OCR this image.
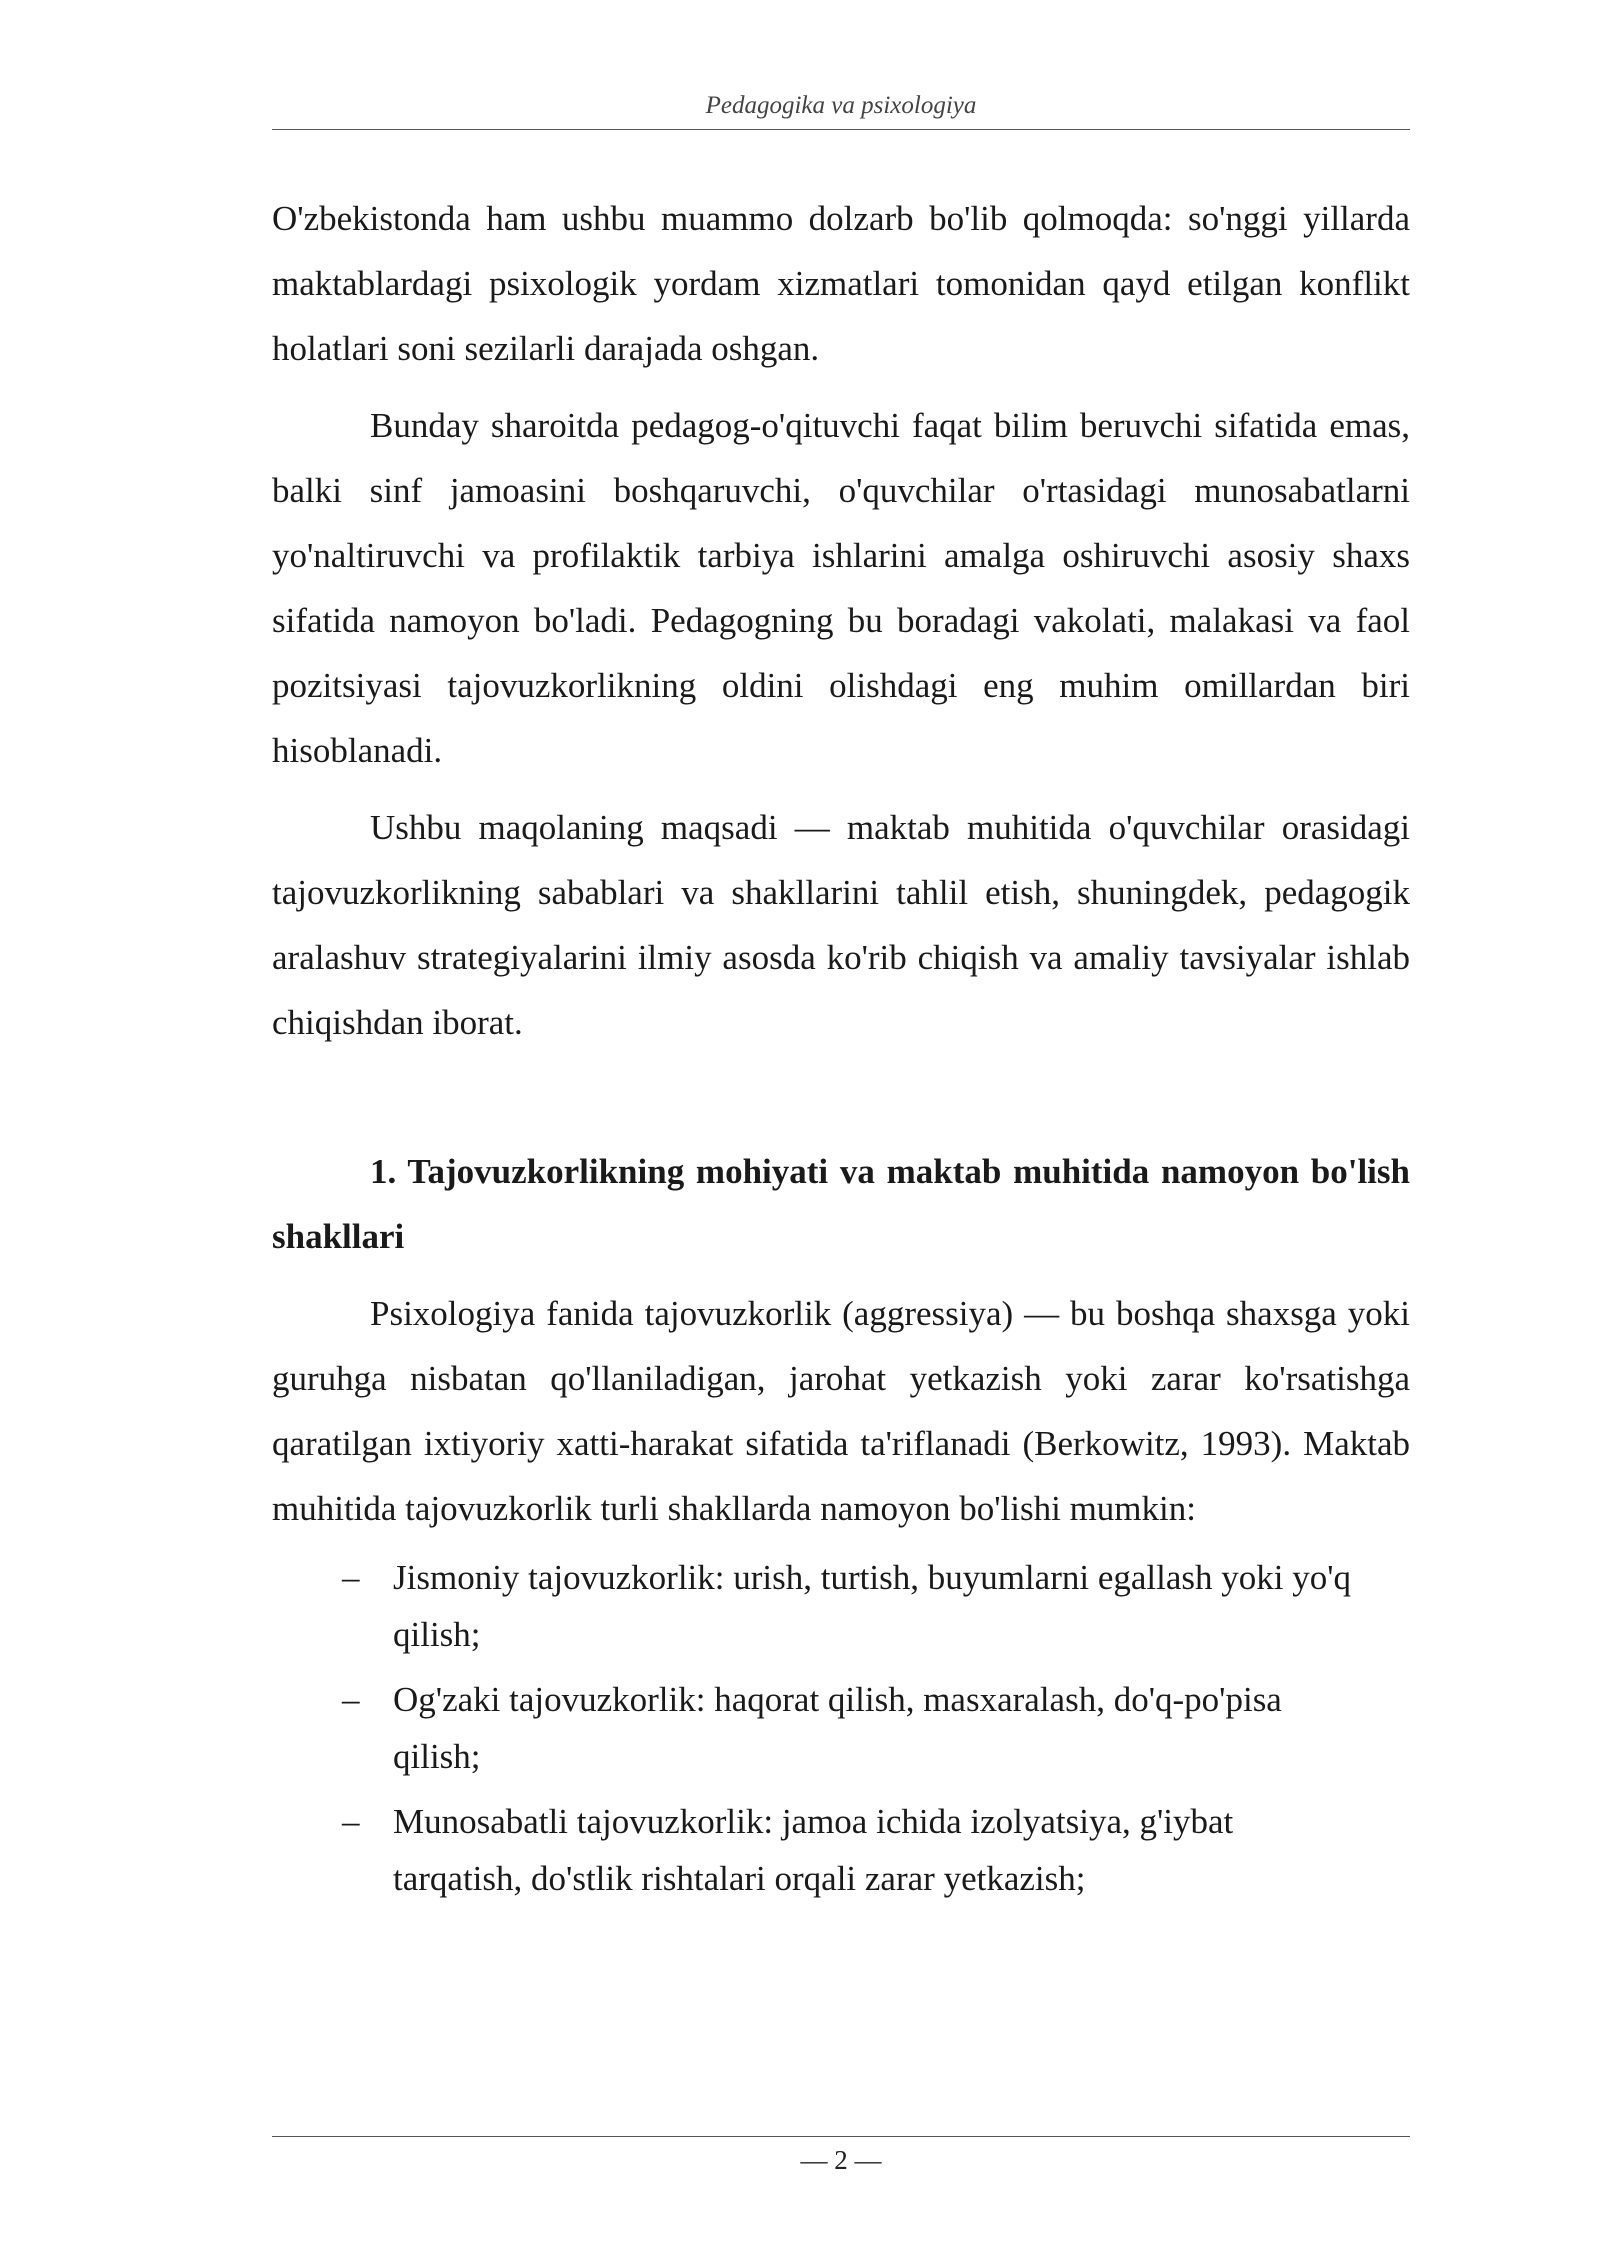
Pedagogika va psixologiya

O'zbekistonda ham ushbu muammo dolzarb bo'lib qolmoqda: so'nggi yillarda maktablardagi psixologik yordam xizmatlari tomonidan qayd etilgan konflikt holatlari soni sezilarli darajada oshgan.

Bunday sharoitda pedagog-o'qituvchi faqat bilim beruvchi sifatida emas, balki sinf jamoasini boshqaruvchi, o'quvchilar o'rtasidagi munosabatlarni yo'naltiruvchi va profilaktik tarbiya ishlarini amalga oshiruvchi asosiy shaxs sifatida namoyon bo'ladi. Pedagogning bu boradagi vakolati, malakasi va faol pozitsiyasi tajovuzkorlikning oldini olishdagi eng muhim omillardan biri hisoblanadi.

Ushbu maqolaning maqsadi — maktab muhitida o'quvchilar orasidagi tajovuzkorlikning sabablari va shakllarini tahlil etish, shuningdek, pedagogik aralashuv strategiyalarini ilmiy asosda ko'rib chiqish va amaliy tavsiyalar ishlab chiqishdan iborat.

1. Tajovuzkorlikning mohiyati va maktab muhitida namoyon bo'lish shakllari

Psixologiya fanida tajovuzkorlik (aggressiya) — bu boshqa shaxsga yoki guruhga nisbatan qo'llaniladigan, jarohat yetkazish yoki zarar ko'rsatishga qaratilgan ixtiyoriy xatti-harakat sifatida ta'riflanadi (Berkowitz, 1993). Maktab muhitida tajovuzkorlik turli shakllarda namoyon bo'lishi mumkin:

– Jismoniy tajovuzkorlik: urish, turtish, buyumlarni egallash yoki yo'q qilish;
– Og'zaki tajovuzkorlik: haqorat qilish, masxaralash, do'q-po'pisa qilish;
– Munosabatli tajovuzkorlik: jamoa ichida izolyatsiya, g'iybat tarqatish, do'stlik rishtalari orqali zarar yetkazish;
— 2 —
